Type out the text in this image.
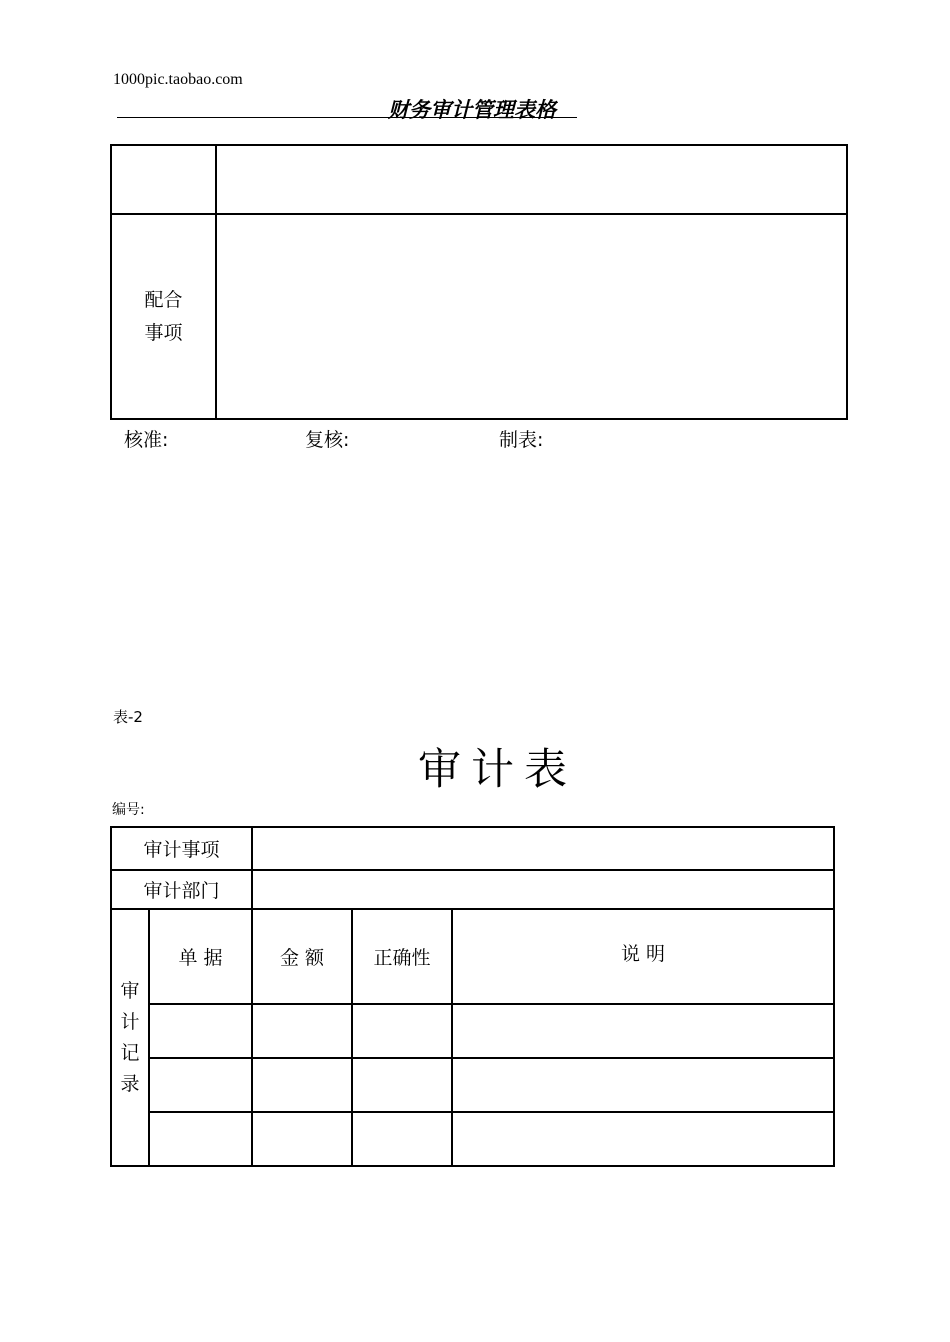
1000pic.taobao.com
财务审计管理表格

配合
事项	

核准:	复核:	制表:
表-2
审计表
编号:
审计事项				
审计部门				

审
计
记
录	单 据	金 额	正确性	说 明
